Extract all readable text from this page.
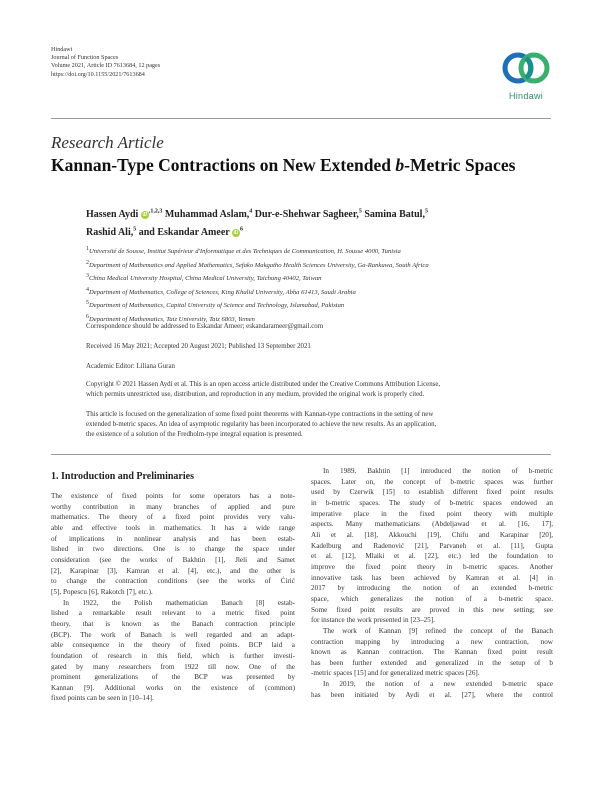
Hindawi
Journal of Function Spaces
Volume 2021, Article ID 7613684, 12 pages
https://doi.org/10.1155/2021/7613684
Hindawi
Research Article
Kannan-Type Contractions on New Extended b-Metric Spaces
Hassen Aydi $iD^{,1,2,3}$ Muhammad Aslam,$^4$ Dur-e-Shehwar Sagheer,$^5$ Samina Batul,$^5$
Rashid Ali,$^5$ and Eskandar Ameer $iD^6$
$^1$Université de Sousse, Institut Supérieur d'Informatique et des Techniques de Communication, H. Sousse 4000, Tunisia
$^2$Department of Mathematics and Applied Mathematics, Sefako Makgatho Health Sciences University, Ga-Rankuwa, South Africa
$^3$China Medical University Hospital, China Medical University, Taichung 40402, Taiwan
$^4$Department of Mathematics, College of Sciences, King Khalid University, Abha 61413, Saudi Arabia
$^5$Department of Mathematics, Capital University of Science and Technology, Islamabad, Pakistan
$^6$Department of Mathematics, Taiz University, Taiz 6803, Yemen
Correspondence should be addressed to Eskandar Ameer; eskandarameer@gmail.com
Received 16 May 2021; Accepted 20 August 2021; Published 13 September 2021
Academic Editor: Liliana Guran
Copyright © 2021 Hassen Aydi et al. This is an open access article distributed under the Creative Commons Attribution License,
which permits unrestricted use, distribution, and reproduction in any medium, provided the original work is properly cited.
This article is focused on the generalization of some fixed point theorems with Kannan-type contractions in the setting of new
extended b-metric spaces. An idea of asymptotic regularity has been incorporated to achieve the new results. As an application,
the existence of a solution of the Fredholm-type integral equation is presented.
1. Introduction and Preliminaries
The existence of fixed points for some operators has a note-
worthy contribution in many branches of applied and pure
mathematics. The theory of a fixed point provides very valu-
able and effective tools in mathematics. It has a wide range
of implications in nonlinear analysis and has been estab-
lished in two directions. One is to change the space under
consideration (see the works of Bakhtin [1], Jleli and Samet
[2], Karapinar [3], Kamran et al. [4], etc.), and the other is
to change the contraction conditions (see the works of Ćirić
[5], Popescu [6], Rakotch [7], etc.).
In 1922, the Polish mathematician Banach [8] estab-
lished a remarkable result relevant to a metric fixed point
theory, that is known as the Banach contraction principle
(BCP). The work of Banach is well regarded and an adapt-
able consequence in the theory of fixed points. BCP laid a
foundation of research in this field, which is further investi-
gated by many researchers from 1922 till now. One of the
prominent generalizations of the BCP was presented by
Kannan [9]. Additional works on the existence of (common)
fixed points can be seen in [10–14].
In 1989, Bakhtin [1] introduced the notion of b-metric
spaces. Later on, the concept of b-metric spaces was further
used by Czerwik [15] to establish different fixed point results
in b-metric spaces. The study of b-metric spaces endowed an
imperative place in the fixed point theory with multiple
aspects. Many mathematicians (Abdeljawad et al. [16, 17],
Ali et al. [18], Akkouchi [19], Chifu and Karapinar [20],
Kadelburg and Radenović [21], Parvaneh et al. [11], Gupta
et al. [12], Mlaiki et al. [22], etc.) led the foundation to
improve the fixed point theory in b-metric spaces. Another
innovative task has been achieved by Kamran et al. [4] in
2017 by introducing the notion of an extended b-metric
space, which generalizes the notion of a b-metric space.
Some fixed point results are proved in this new setting; see
for instance the work presented in [23–25].
The work of Kannan [9] refined the concept of the Banach
contraction mapping by introducing a new contraction, now
known as Kannan contraction. The Kannan fixed point result
has been further extended and generalized in the setup of b
-metric spaces [15] and for generalized metric spaces [26].
In 2019, the notion of a new extended b-metric space
has been initiated by Aydi et al. [27], where the control
